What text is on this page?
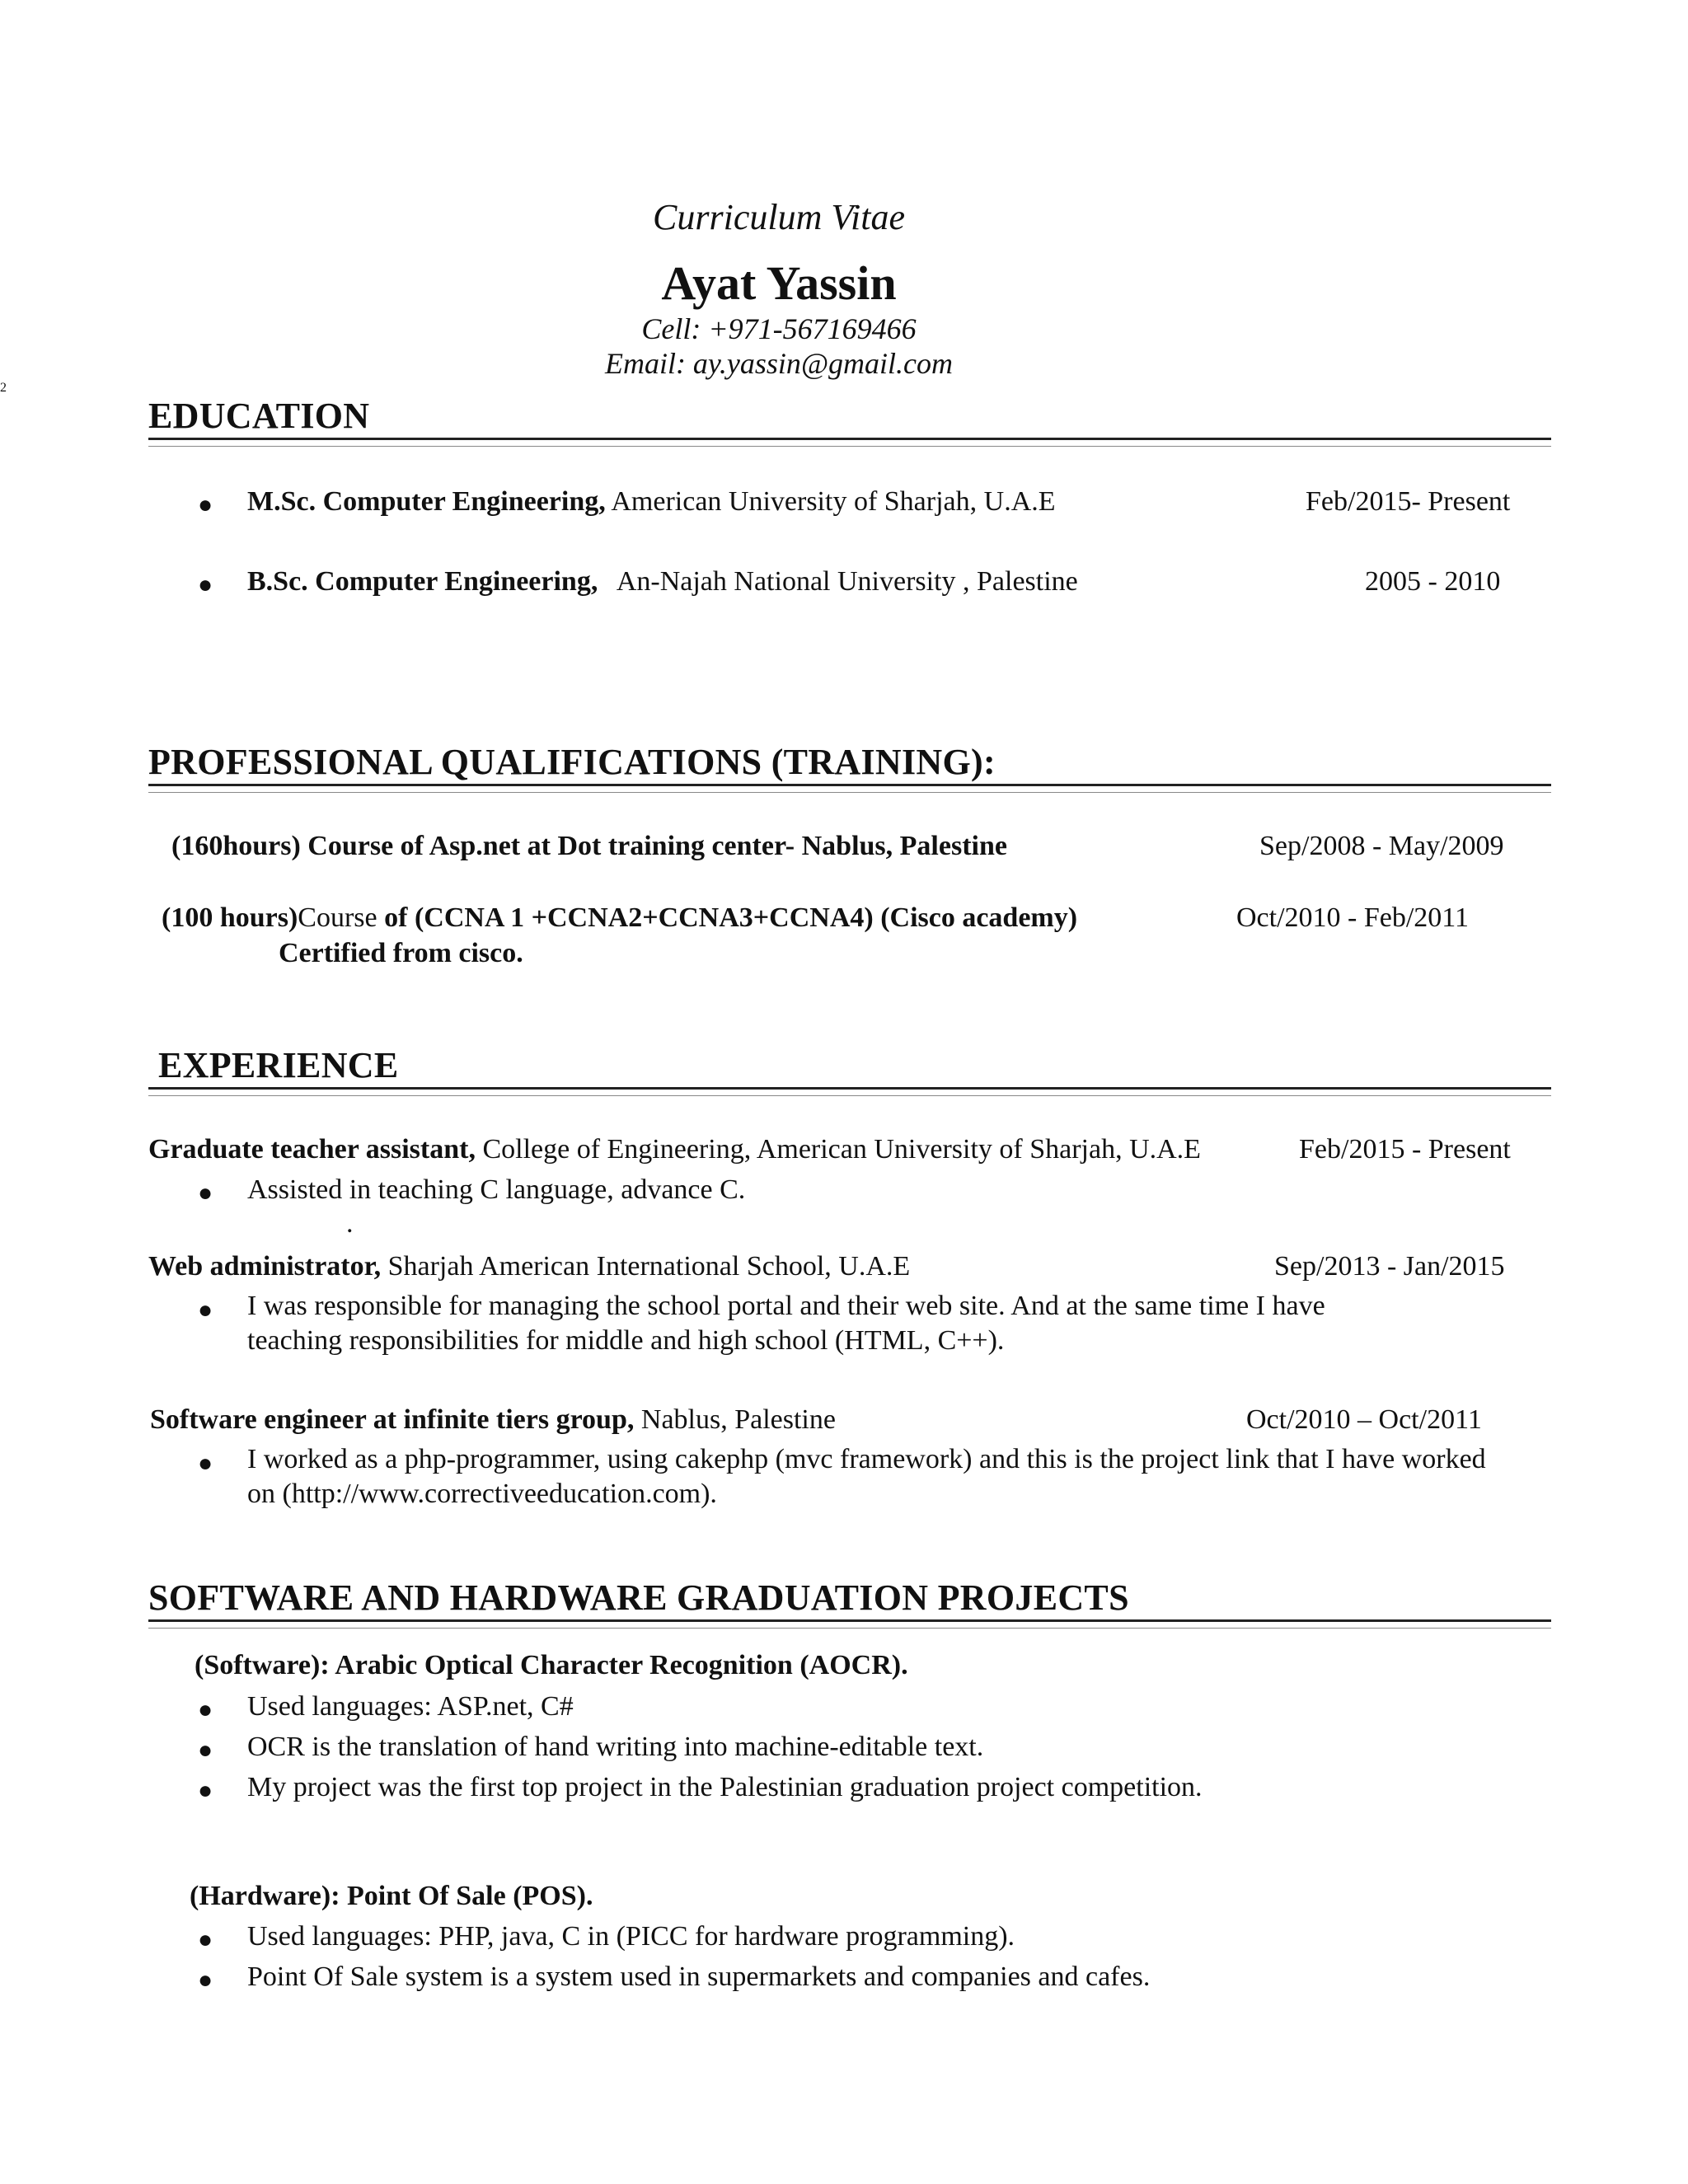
Curriculum Vitae
Ayat Yassin
Cell: +971-567169466
Email: ay.yassin@gmail.com
2
EDUCATION
● M.Sc. Computer Engineering, American University of Sharjah, U.A.E	Feb/2015- Present
● B.Sc. Computer Engineering, An-Najah National University , Palestine	2005 - 2010
PROFESSIONAL QUALIFICATIONS (TRAINING):
(160hours) Course of Asp.net at Dot training center- Nablus, Palestine	Sep/2008 - May/2009
(100 hours)Course of (CCNA 1 +CCNA2+CCNA3+CCNA4) (Cisco academy)	Oct/2010 - Feb/2011
Certified from cisco.
EXPERIENCE
Graduate teacher assistant, College of Engineering, American University of Sharjah, U.A.E	Feb/2015 - Present
● Assisted in teaching C language, advance C.
.
Web administrator, Sharjah American International School, U.A.E	Sep/2013 - Jan/2015
● I was responsible for managing the school portal and their web site. And at the same time I have
teaching responsibilities for middle and high school (HTML, C++).
Software engineer at infinite tiers group, Nablus, Palestine	Oct/2010 – Oct/2011
● I worked as a php-programmer, using cakephp (mvc framework) and this is the project link that I have worked
on (http://www.correctiveeducation.com).
SOFTWARE AND HARDWARE GRADUATION PROJECTS
(Software): Arabic Optical Character Recognition (AOCR).
● Used languages: ASP.net, C#
● OCR is the translation of hand writing into machine-editable text.
● My project was the first top project in the Palestinian graduation project competition.
(Hardware): Point Of Sale (POS).
● Used languages: PHP, java, C in (PICC for hardware programming).
● Point Of Sale system is a system used in supermarkets and companies and cafes.
